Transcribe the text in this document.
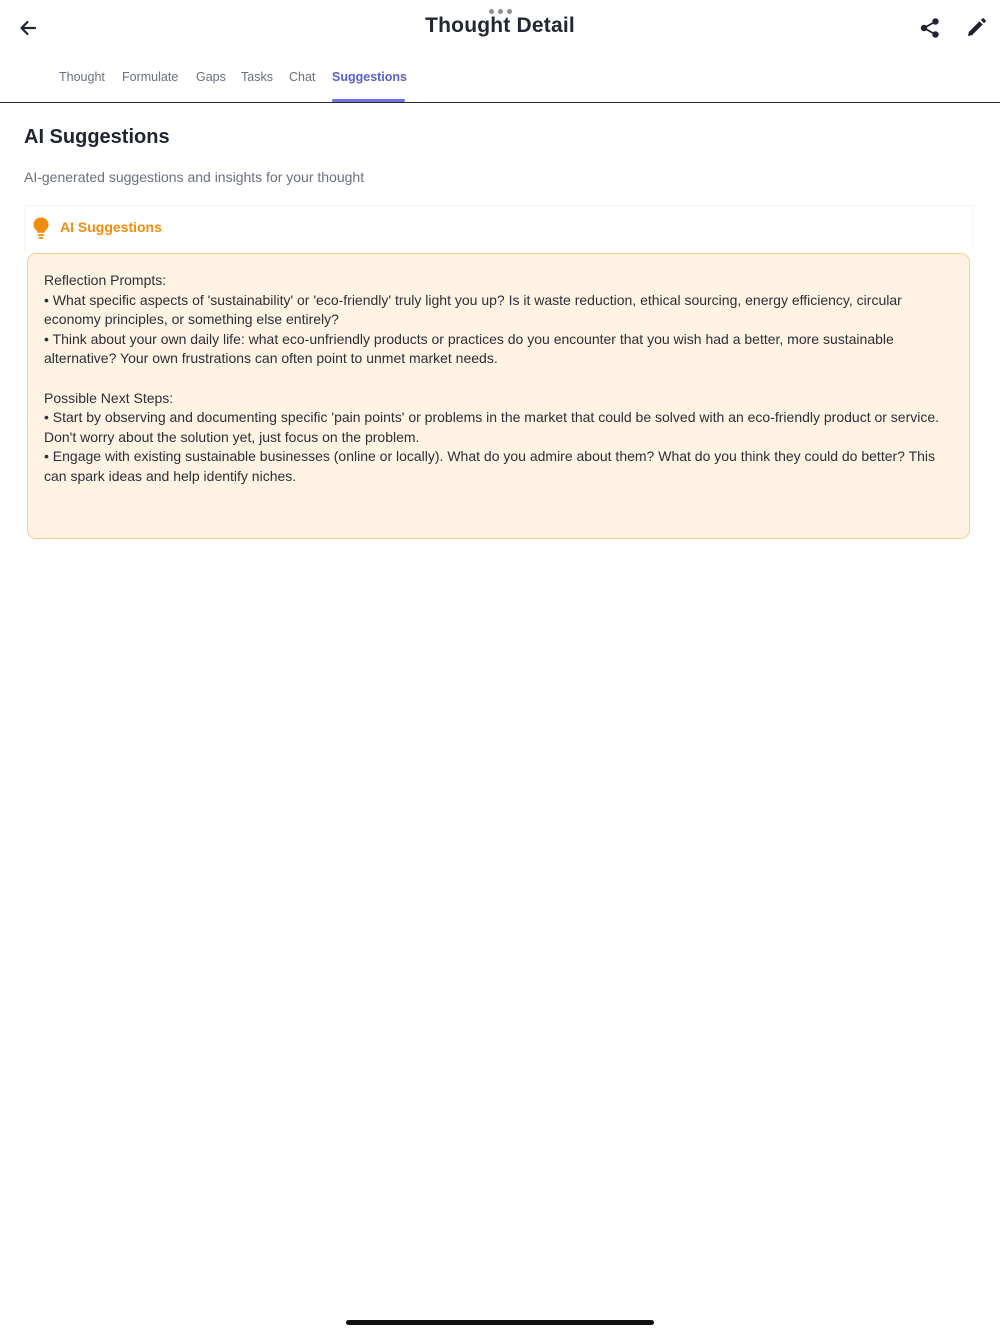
Thought Detail
Thought Formulate Gaps Tasks Chat Suggestions
AI Suggestions
AI-generated suggestions and insights for your thought
AI Suggestions
Reflection Prompts:
• What specific aspects of 'sustainability' or 'eco-friendly' truly light you up? Is it waste reduction, ethical sourcing, energy efficiency, circular economy principles, or something else entirely?
• Think about your own daily life: what eco-unfriendly products or practices do you encounter that you wish had a better, more sustainable alternative? Your own frustrations can often point to unmet market needs.

Possible Next Steps:
• Start by observing and documenting specific 'pain points' or problems in the market that could be solved with an eco-friendly product or service. Don't worry about the solution yet, just focus on the problem.
• Engage with existing sustainable businesses (online or locally). What do you admire about them? What do you think they could do better? This can spark ideas and help identify niches.
